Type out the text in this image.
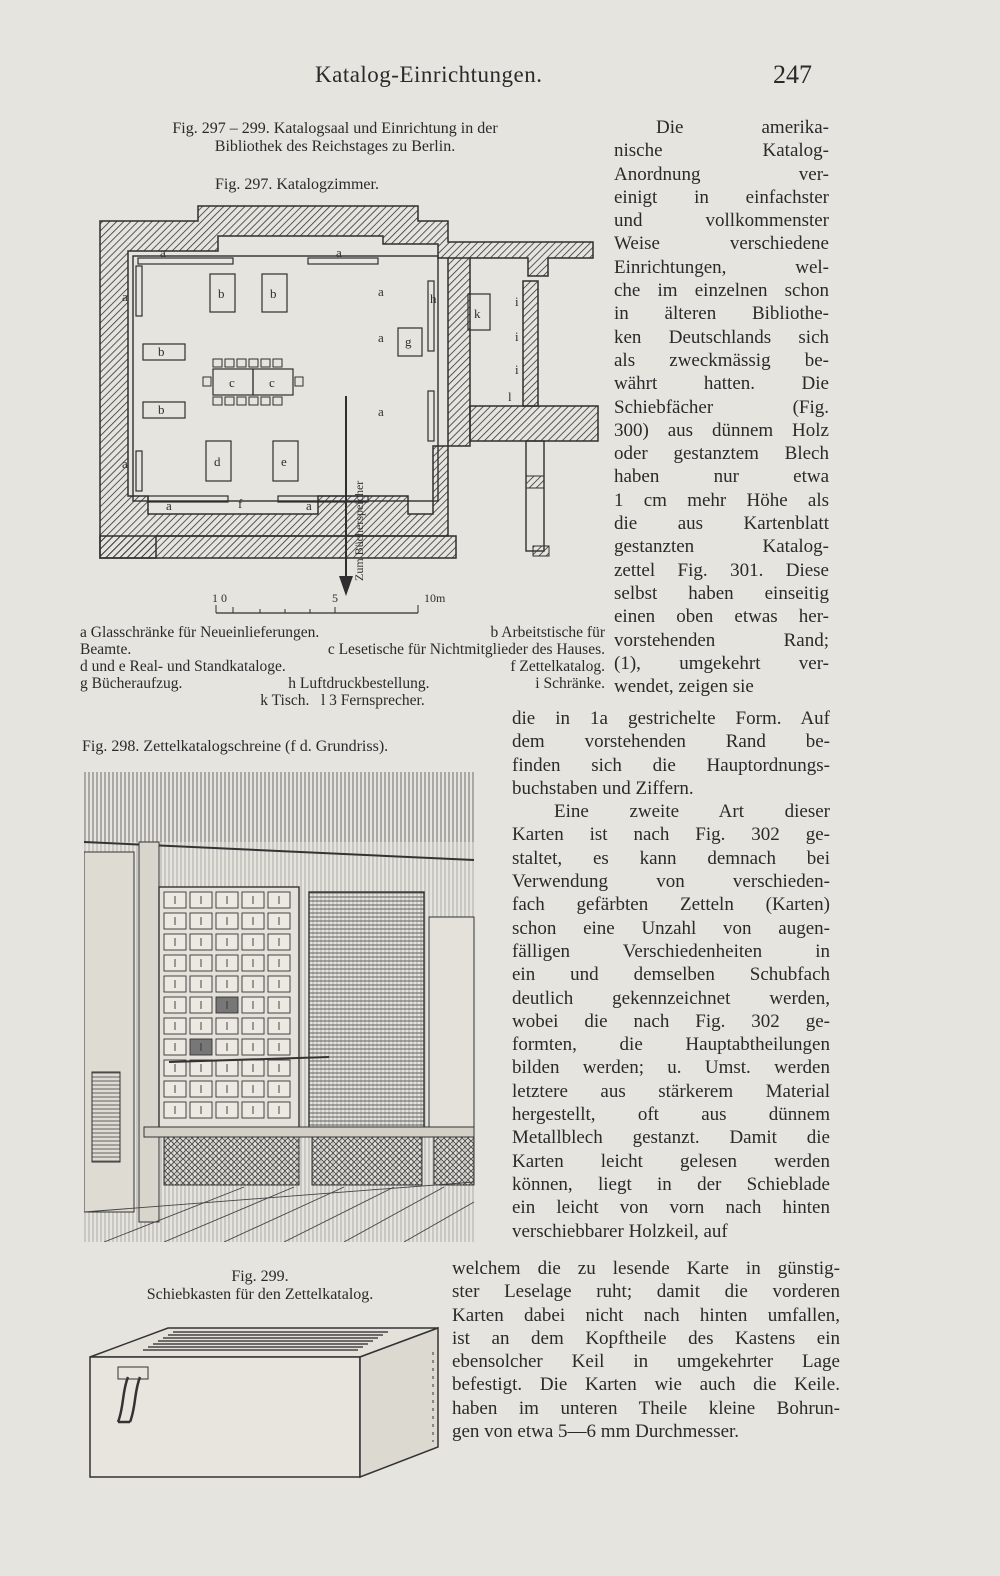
Katalog-Einrichtungen.	247
Fig. 297 – 299. Katalogsaal und Einrichtung in der
Bibliothek des Reichstages zu Berlin.
Fig. 297. Katalogzimmer.
Zum Bücherspeicher
a	a
a	a
a
a
a
a	a
b	b
b
b
c	c
d	e
f
g
h
k
i
i
i
l
1 0	5	10m
a Glasschränke für Neueinlieferungen.	b Arbeitstische für
Beamte.	c Lesetische für Nichtmitglieder des Hauses.
d und e Real- und Standkataloge.	f Zettelkatalog.
g Bücheraufzug.	h Luftdruckbestellung.	i Schränke.
k Tisch.
l 3 Fernsprecher.
Fig. 298. Zettelkatalogschreine (f d. Grundriss).
Fig. 299.
Schiebkasten für den Zettelkatalog.
Die amerika-
nische Katalog-
Anordnung ver-
einigt in einfachster
und vollkommenster
Weise verschiedene
Einrichtungen, wel-
che im einzelnen schon
in älteren Bibliothe-
ken Deutschlands sich
als zweckmässig be-
währt hatten. Die
Schiebfächer (Fig.
300) aus dünnem Holz
oder gestanztem Blech
haben nur etwa
1 cm mehr Höhe als
die aus Kartenblatt
gestanzten Katalog-
zettel Fig. 301. Diese
selbst haben einseitig
einen oben etwas her-
vorstehenden Rand;
(1), umgekehrt ver-
wendet, zeigen sie
die in 1a gestrichelte Form. Auf
dem vorstehenden Rand be-
finden sich die Hauptordnungs-
buchstaben und Ziffern.
Eine zweite Art dieser
Karten ist nach Fig. 302 ge-
staltet, es kann demnach bei
Verwendung von verschieden-
fach gefärbten Zetteln (Karten)
schon eine Unzahl von augen-
fälligen Verschiedenheiten in
ein und demselben Schubfach
deutlich gekennzeichnet werden,
wobei die nach Fig. 302 ge-
formten, die Hauptabtheilungen
bilden werden; u. Umst. werden
letztere aus stärkerem Material
hergestellt, oft aus dünnem
Metallblech gestanzt. Damit die
Karten leicht gelesen werden
können, liegt in der Schieblade
ein leicht von vorn nach hinten
verschiebbarer Holzkeil, auf
welchem die zu lesende Karte in günstig-
ster Leselage ruht; damit die vorderen
Karten dabei nicht nach hinten umfallen,
ist an dem Kopftheile des Kastens ein
ebensolcher Keil in umgekehrter Lage
befestigt. Die Karten wie auch die Keile.
haben im unteren Theile kleine Bohrun-
gen von etwa 5—6 mm Durchmesser.
